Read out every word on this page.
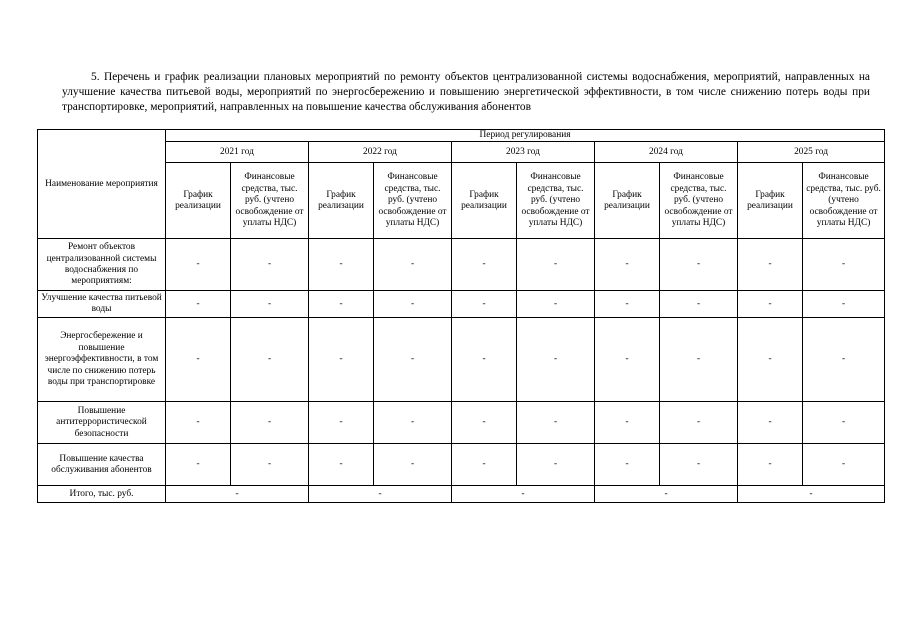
5. Перечень и график реализации плановых мероприятий по ремонту объектов централизованной системы водоснабжения, мероприятий, направленных на улучшение качества питьевой воды, мероприятий по энергосбережению и повышению энергетической эффективности, в том числе снижению потерь воды при транспортировке, мероприятий, направленных на повышение качества обслуживания абонентов

Наименование мероприятия	Период регулирования									
	2021 год		2022 год		2023 год		2024 год		2025 год	
	График реализации	Финансовые средства, тыс. руб. (учтено освобождение от уплаты НДС)	График реализации	Финансовые средства, тыс. руб. (учтено освобождение от уплаты НДС)	График реализации	Финансовые средства, тыс. руб. (учтено освобождение от уплаты НДС)	График реализации	Финансовые средства, тыс. руб. (учтено освобождение от уплаты НДС)	График реализации	Финансовые средства, тыс. руб. (учтено освобождение от уплаты НДС)
Ремонт объектов централизованной системы водоснабжения по мероприятиям:	-	-	-	-	-	-	-	-	-	-
Улучшение качества питьевой воды	-	-	-	-	-	-	-	-	-	-
Энергосбережение и повышение энергоэффективности, в том числе по снижению потерь воды при транспортировке	-	-	-	-	-	-	-	-	-	-
Повышение антитеррористической безопасности	-	-	-	-	-	-	-	-	-	-
Повышение качества обслуживания абонентов	-	-	-	-	-	-	-	-	-	-
Итого, тыс. руб.	-		-		-		-		-	
